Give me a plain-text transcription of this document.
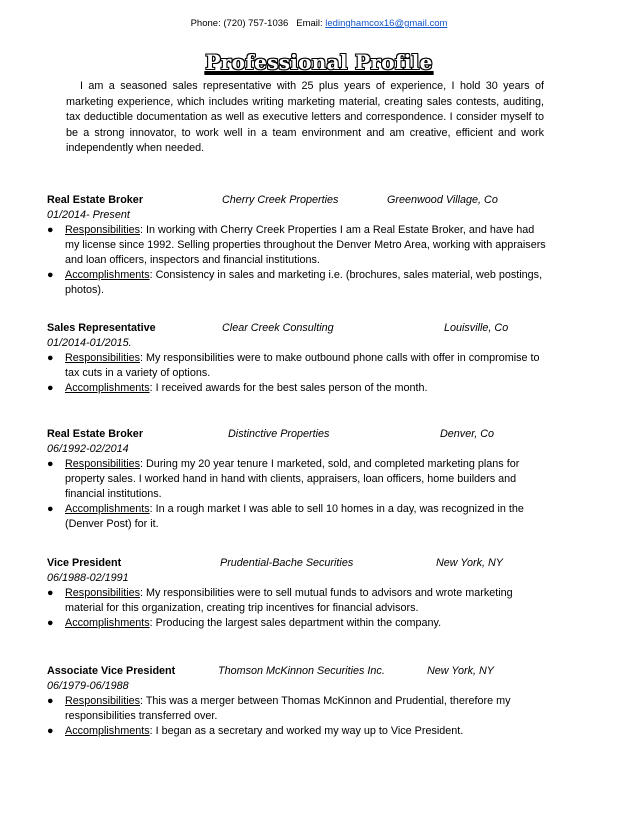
Phone: (720) 757-1036 Email: ledinghamcox16@gmail.com
Professional Profile
I am a seasoned sales representative with 25 plus years of experience, I hold 30 years of marketing experience, which includes writing marketing material, creating sales contests, auditing, tax deductible documentation as well as executive letters and correspondence. I consider myself to be a strong innovator, to work well in a team environment and am creative, efficient and work independently when needed.
Real Estate Broker	Cherry Creek Properties	Greenwood Village, Co
01/2014- Present
● Responsibilities: In working with Cherry Creek Properties I am a Real Estate Broker, and have had my license since 1992. Selling properties throughout the Denver Metro Area, working with appraisers and loan officers, inspectors and financial institutions.
● Accomplishments: Consistency in sales and marketing i.e. (brochures, sales material, web postings, photos).
Sales Representative	Clear Creek Consulting	Louisville, Co
01/2014-01/2015.
● Responsibilities: My responsibilities were to make outbound phone calls with offer in compromise to tax cuts in a variety of options.
● Accomplishments: I received awards for the best sales person of the month.
Real Estate Broker	Distinctive Properties	Denver, Co
06/1992-02/2014
● Responsibilities: During my 20 year tenure I marketed, sold, and completed marketing plans for property sales. I worked hand in hand with clients, appraisers, loan officers, home builders and financial institutions.
● Accomplishments: In a rough market I was able to sell 10 homes in a day, was recognized in the (Denver Post) for it.
Vice President	Prudential-Bache Securities	New York, NY
06/1988-02/1991
● Responsibilities: My responsibilities were to sell mutual funds to advisors and wrote marketing material for this organization, creating trip incentives for financial advisors.
● Accomplishments: Producing the largest sales department within the company.
Associate Vice President	Thomson McKinnon Securities Inc.	New York, NY
06/1979-06/1988
● Responsibilities: This was a merger between Thomas McKinnon and Prudential, therefore my responsibilities transferred over.
● Accomplishments: I began as a secretary and worked my way up to Vice President.
